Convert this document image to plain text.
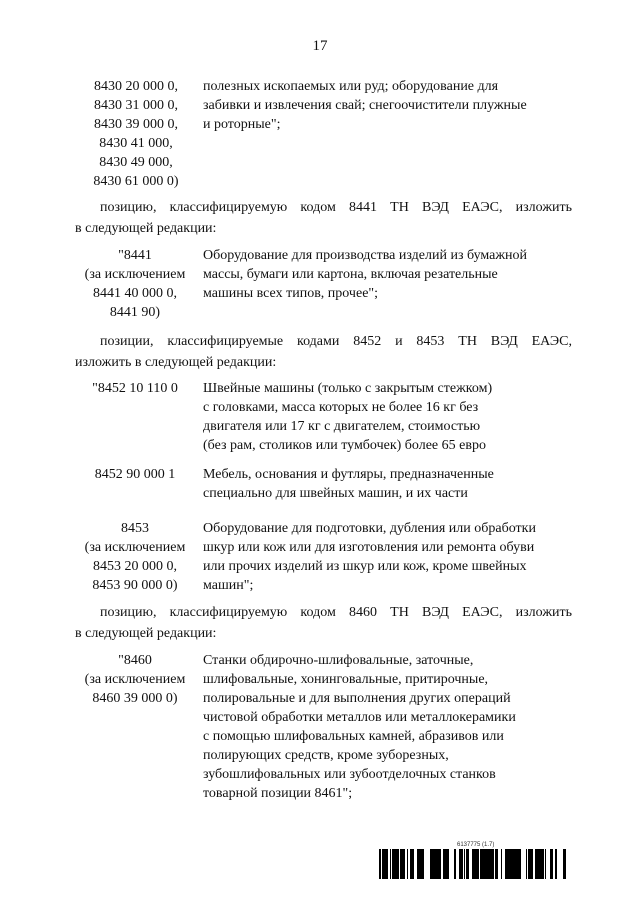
17
8430 20 000 0,
8430 31 000 0,
8430 39 000 0,
8430 41 000,
8430 49 000,
8430 61 000 0)
полезных ископаемых или руд; оборудование для
забивки и извлечения свай; снегоочистители плужные
и роторные";
позицию, классифицируемую кодом 8441 ТН ВЭД ЕАЭС, изложить
в следующей редакции:
"8441
(за исключением
8441 40 000 0,
8441 90)
Оборудование для производства изделий из бумажной
массы, бумаги или картона, включая резательные
машины всех типов, прочее";
позиции, классифицируемые кодами 8452 и 8453 ТН ВЭД ЕАЭС,
изложить в следующей редакции:
"8452 10 110 0	Швейные машины (только с закрытым стежком)
с головками, масса которых не более 16 кг без
двигателя или 17 кг с двигателем, стоимостью
(без рам, столиков или тумбочек) более 65 евро
8452 90 000 1	Мебель, основания и футляры, предназначенные
специально для швейных машин, и их части
8453
(за исключением
8453 20 000 0,
8453 90 000 0)
Оборудование для подготовки, дубления или обработки
шкур или кож или для изготовления или ремонта обуви
или прочих изделий из шкур или кож, кроме швейных
машин";
позицию, классифицируемую кодом 8460 ТН ВЭД ЕАЭС, изложить
в следующей редакции:
"8460
(за исключением
8460 39 000 0)
Станки обдирочно-шлифовальные, заточные,
шлифовальные, хонинговальные, притирочные,
полировальные и для выполнения других операций
чистовой обработки металлов или металлокерамики
с помощью шлифовальных камней, абразивов или
полирующих средств, кроме зуборезных,
зубошлифовальных или зубоотделочных станков
товарной позиции 8461";
6137775 (1.7)
